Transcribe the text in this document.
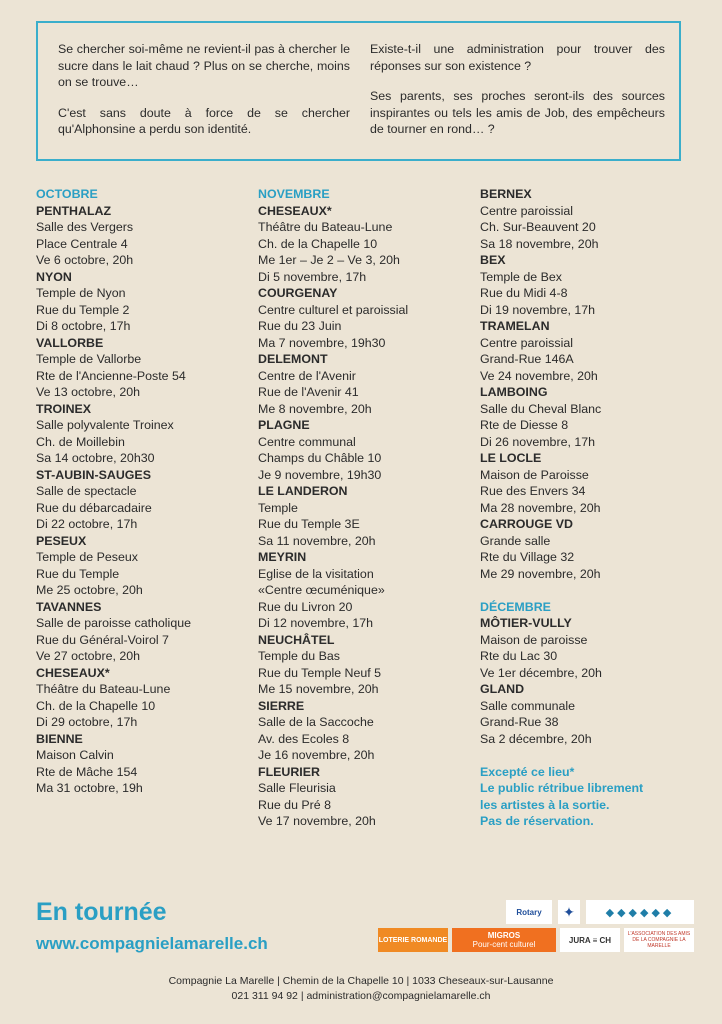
Se chercher soi-même ne revient-il pas à chercher le sucre dans le lait chaud ? Plus on se cherche, moins on se trouve…

C'est sans doute à force de se chercher qu'Alphonsine a perdu son identité.

Existe-t-il une administration pour trouver des réponses sur son existence ?

Ses parents, ses proches seront-ils des sources inspirantes ou tels les amis de Job, des empêcheurs de tourner en rond… ?

OCTOBRE
PENTHALAZ
Salle des Vergers
Place Centrale 4
Ve 6 octobre, 20h
NYON
Temple de Nyon
Rue du Temple 2
Di 8 octobre, 17h
VALLORBE
Temple de Vallorbe
Rte de l'Ancienne-Poste 54
Ve 13 octobre, 20h
TROINEX
Salle polyvalente Troinex
Ch. de Moillebin
Sa 14 octobre, 20h30
ST-AUBIN-SAUGES
Salle de spectacle
Rue du débarcadaire
Di 22 octobre, 17h
PESEUX
Temple de Peseux
Rue du Temple
Me 25 octobre, 20h
TAVANNES
Salle de paroisse catholique
Rue du Général-Voirol 7
Ve 27 octobre, 20h
CHESEAUX*
Théâtre du Bateau-Lune
Ch. de la Chapelle 10
Di 29 octobre, 17h
BIENNE
Maison Calvin
Rte de Mâche 154
Ma 31 octobre, 19h
NOVEMBRE
CHESEAUX*
Théâtre du Bateau-Lune
Ch. de la Chapelle 10
Me 1er – Je 2 – Ve 3, 20h
Di 5 novembre, 17h
COURGENAY
Centre culturel et paroissial
Rue du 23 Juin
Ma 7 novembre, 19h30
DELEMONT
Centre de l'Avenir
Rue de l'Avenir 41
Me 8 novembre, 20h
PLAGNE
Centre communal
Champs du Châble 10
Je 9 novembre, 19h30
LE LANDERON
Temple
Rue du Temple 3E
Sa 11 novembre, 20h
MEYRIN
Eglise de la visitation
«Centre œcuménique»
Rue du Livron 20
Di 12 novembre, 17h
NEUCHÂTEL
Temple du Bas
Rue du Temple Neuf 5
Me 15 novembre, 20h
SIERRE
Salle de la Saccoche
Av. des Ecoles 8
Je 16 novembre, 20h
FLEURIER
Salle Fleurisia
Rue du Pré 8
Ve 17 novembre, 20h
BERNEX
Centre paroissial
Ch. Sur-Beauvent 20
Sa 18 novembre, 20h
BEX
Temple de Bex
Rue du Midi 4-8
Di 19 novembre, 17h
TRAMELAN
Centre paroissial
Grand-Rue 146A
Ve 24 novembre, 20h
LAMBOING
Salle du Cheval Blanc
Rte de Diesse 8
Di 26 novembre, 17h
LE LOCLE
Maison de Paroisse
Rue des Envers 34
Ma 28 novembre, 20h
CARROUGE VD
Grande salle
Rte du Village 32
Me 29 novembre, 20h
DÉCEMBRE
MÔTIER-VULLY
Maison de paroisse
Rte du Lac 30
Ve 1er décembre, 20h
GLAND
Salle communale
Grand-Rue 38
Sa 2 décembre, 20h
Excepté ce lieu*
Le public rétribue librement
les artistes à la sortie.
Pas de réservation.
En tournée
www.compagnielamarelle.ch
Rotary	✦	◆◆◆◆◆◆
LOTERIE ROMANDE	MIGROS
Pour-cent culturel	JURA ≡ CH
L'ASSOCIATION DES AMIS DE LA COMPAGNIE LA MARELLE
Compagnie La Marelle | Chemin de la Chapelle 10 | 1033 Cheseaux-sur-Lausanne
021 311 94 92 | administration@compagnielamarelle.ch
